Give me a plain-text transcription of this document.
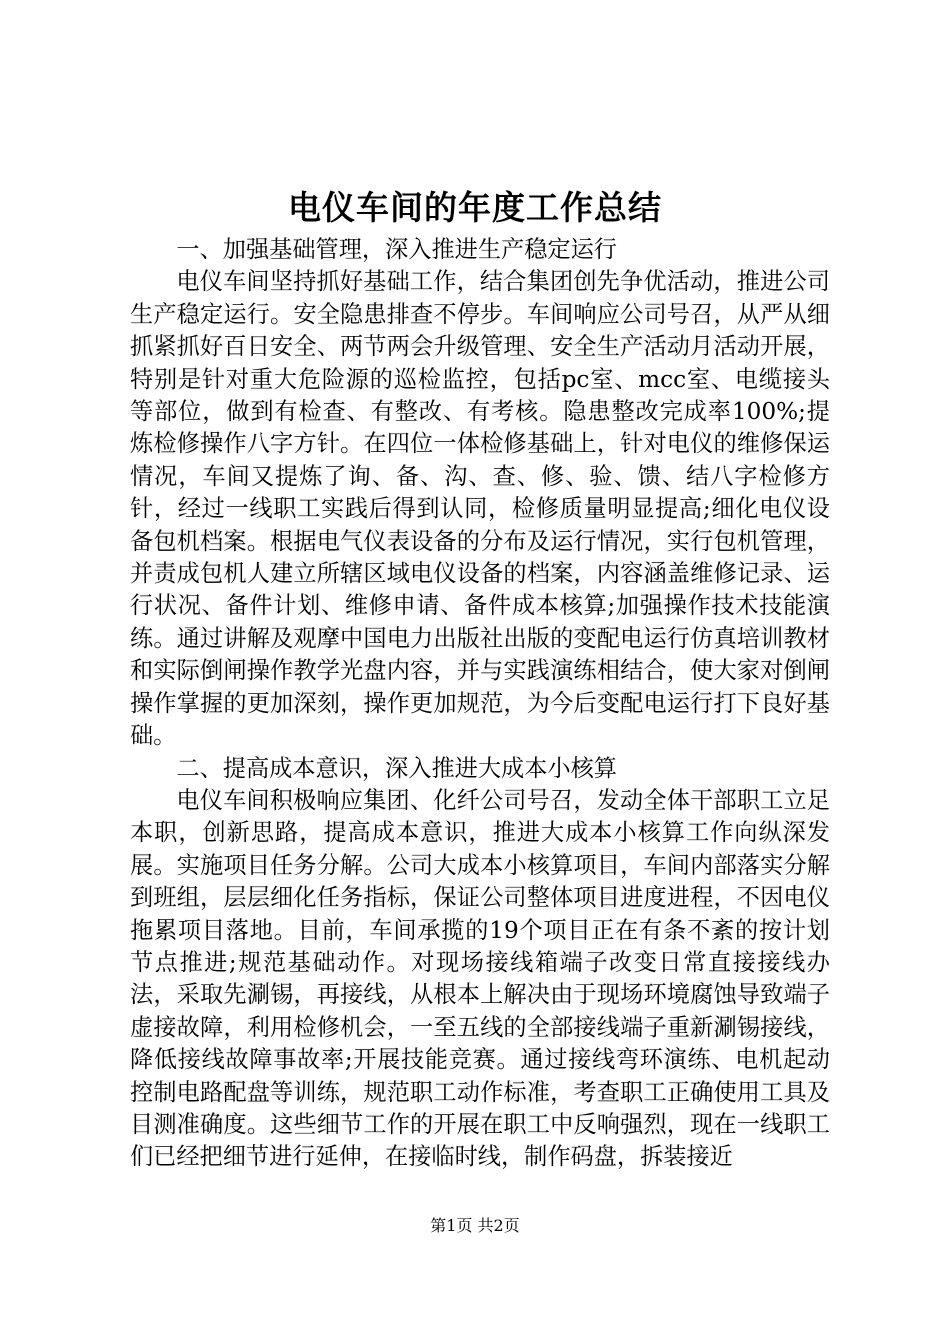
电仪车间的年度工作总结

一、加强基础管理，深入推进生产稳定运行

电仪车间坚持抓好基础工作，结合集团创先争优活动，推进公司生产稳定运行。安全隐患排查不停步。车间响应公司号召，从严从细抓紧抓好百日安全、两节两会升级管理、安全生产活动月活动开展，特别是针对重大危险源的巡检监控，包括pc室、mcc室、电缆接头等部位，做到有检查、有整改、有考核。隐患整改完成率100%;提炼检修操作八字方针。在四位一体检修基础上，针对电仪的维修保运情况，车间又提炼了询、备、沟、查、修、验、馈、结八字检修方针，经过一线职工实践后得到认同，检修质量明显提高;细化电仪设备包机档案。根据电气仪表设备的分布及运行情况，实行包机管理，并责成包机人建立所辖区域电仪设备的档案，内容涵盖维修记录、运行状况、备件计划、维修申请、备件成本核算;加强操作技术技能演练。通过讲解及观摩中国电力出版社出版的变配电运行仿真培训教材和实际倒闸操作教学光盘内容，并与实践演练相结合，使大家对倒闸操作掌握的更加深刻，操作更加规范，为今后变配电运行打下良好基础。

二、提高成本意识，深入推进大成本小核算

电仪车间积极响应集团、化纤公司号召，发动全体干部职工立足本职，创新思路，提高成本意识，推进大成本小核算工作向纵深发展。实施项目任务分解。公司大成本小核算项目，车间内部落实分解到班组，层层细化任务指标，保证公司整体项目进度进程，不因电仪拖累项目落地。目前，车间承揽的19个项目正在有条不紊的按计划节点推进;规范基础动作。对现场接线箱端子改变日常直接接线办法，采取先涮锡，再接线，从根本上解决由于现场环境腐蚀导致端子虚接故障，利用检修机会，一至五线的全部接线端子重新涮锡接线，降低接线故障事故率;开展技能竞赛。通过接线弯环演练、电机起动控制电路配盘等训练，规范职工动作标准，考查职工正确使用工具及目测准确度。这些细节工作的开展在职工中反响强烈，现在一线职工们已经把细节进行延伸，在接临时线，制作码盘，拆装接近

第1页 共2页
